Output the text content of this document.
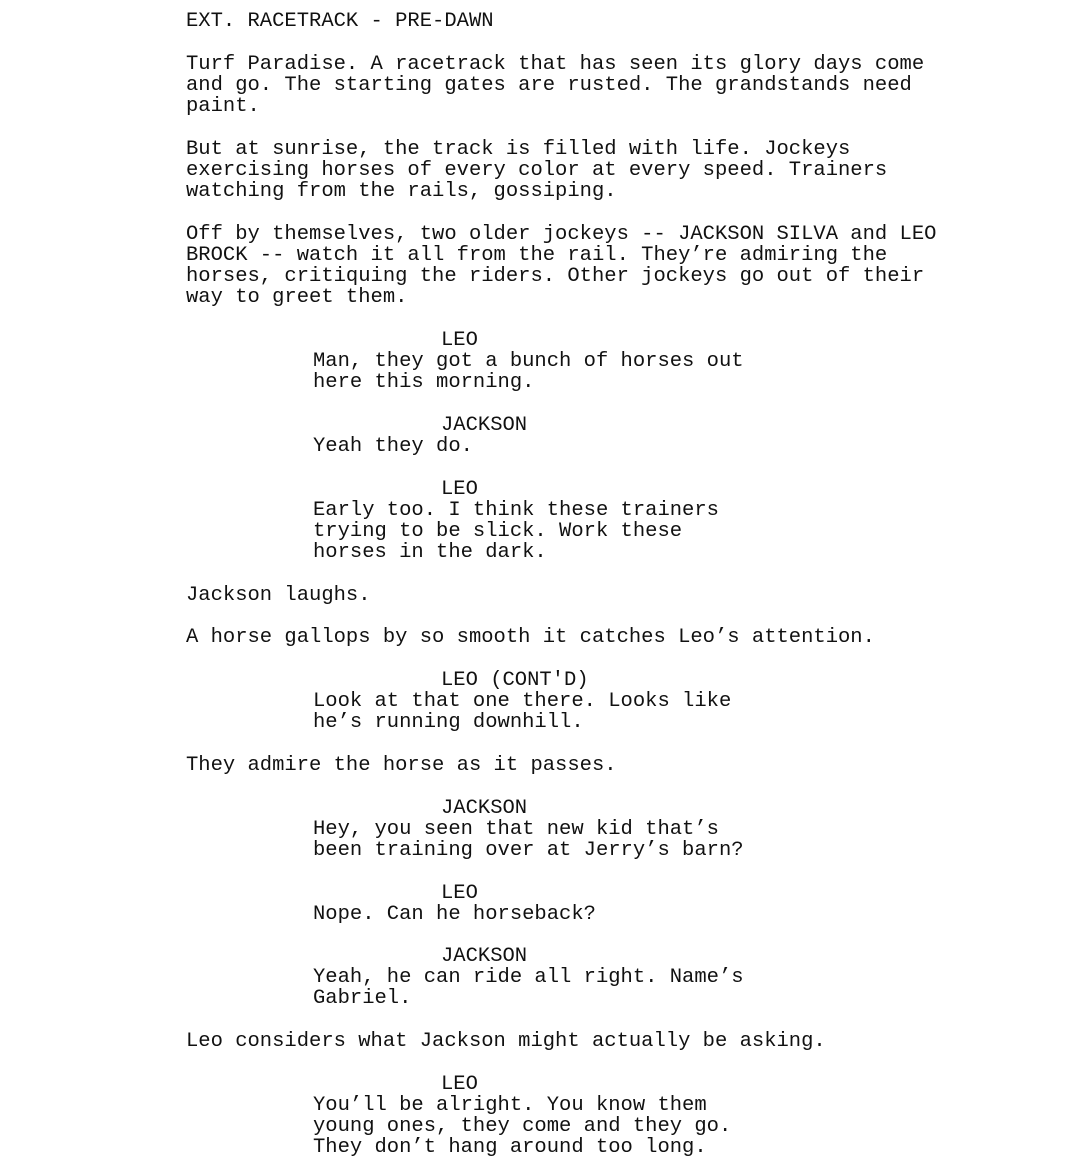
EXT. RACETRACK - PRE-DAWN
Turf Paradise. A racetrack that has seen its glory days come
and go. The starting gates are rusted. The grandstands need
paint.
But at sunrise, the track is filled with life. Jockeys
exercising horses of every color at every speed. Trainers
watching from the rails, gossiping.
Off by themselves, two older jockeys -- JACKSON SILVA and LEO
BROCK -- watch it all from the rail. They’re admiring the
horses, critiquing the riders. Other jockeys go out of their
way to greet them.
LEO
Man, they got a bunch of horses out
here this morning.
JACKSON
Yeah they do.
LEO
Early too. I think these trainers
trying to be slick. Work these
horses in the dark.
Jackson laughs.
A horse gallops by so smooth it catches Leo’s attention.
LEO (CONT'D)
Look at that one there. Looks like
he’s running downhill.
They admire the horse as it passes.
JACKSON
Hey, you seen that new kid that’s
been training over at Jerry’s barn?
LEO
Nope. Can he horseback?
JACKSON
Yeah, he can ride all right. Name’s
Gabriel.
Leo considers what Jackson might actually be asking.
LEO
You’ll be alright. You know them
young ones, they come and they go.
They don’t hang around too long.
